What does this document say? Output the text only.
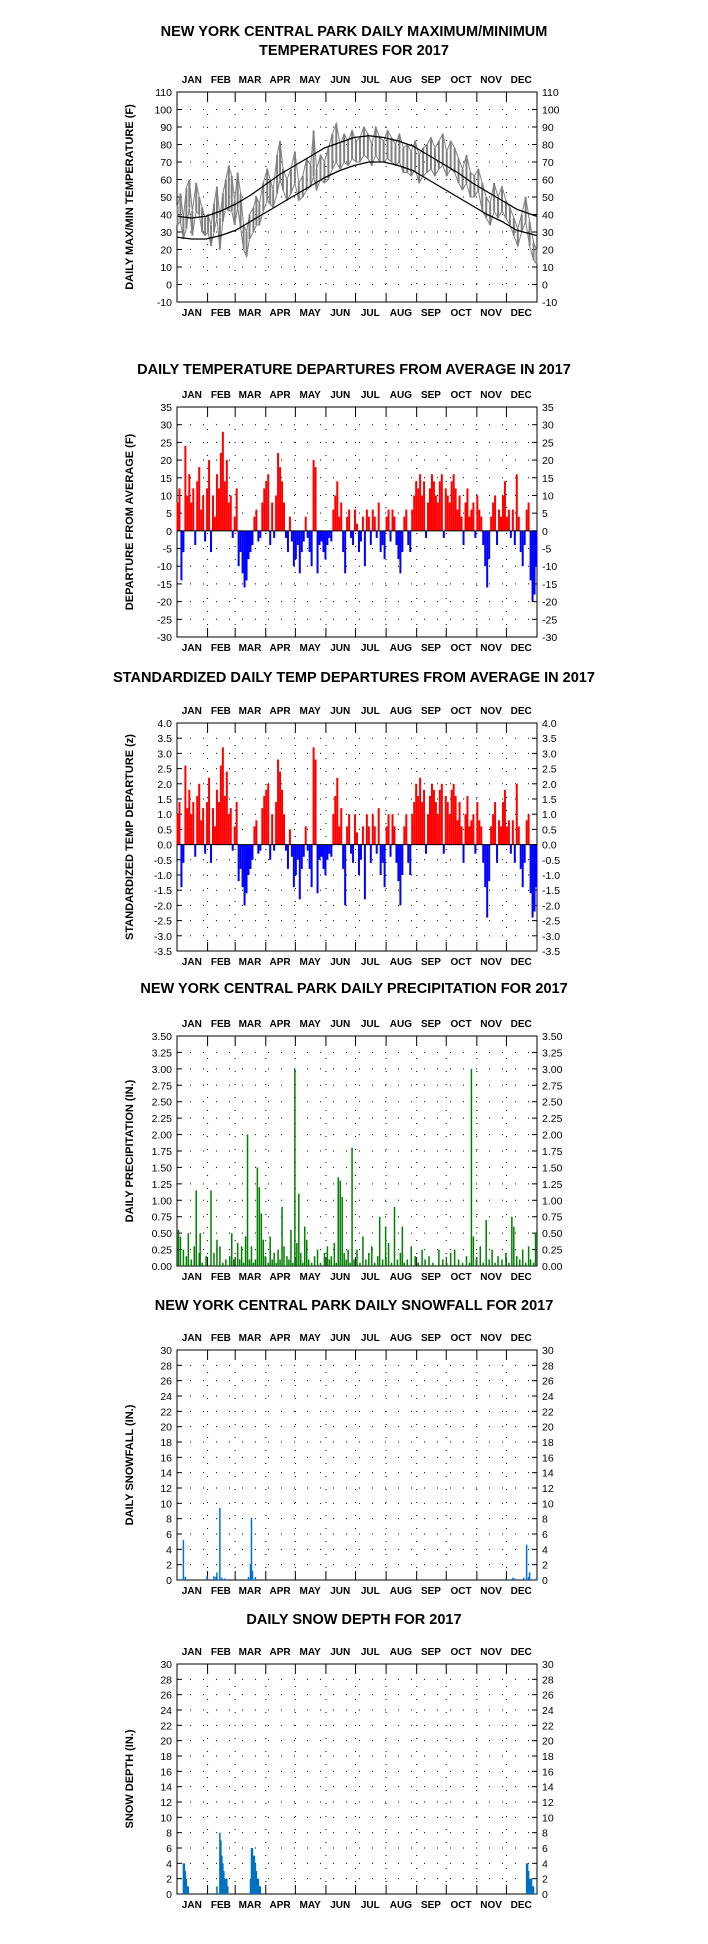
NEW YORK CENTRAL PARK DAILY MAXIMUM/MINIMUM
TEMPERATURES FOR 2017
JAN
JAN
FEB
FEB
MAR
MAR
APR
APR
MAY
MAY
JUN
JUN
JUL
JUL
AUG
AUG
SEP
SEP
OCT
OCT
NOV
NOV
DEC
DEC
-10	-10
0	0
10	10
20	20
30	30
40	40
50	50
60	60
70	70
80	80
90	90
100	100
110	110
DAILY MAX/MIN TEMPERATURE (F)
DAILY TEMPERATURE DEPARTURES FROM AVERAGE IN 2017
JAN
JAN
FEB
FEB
MAR
MAR
APR
APR
MAY
MAY
JUN
JUN
JUL
JUL
AUG
AUG
SEP
SEP
OCT
OCT
NOV
NOV
DEC
DEC
-30	-30
-25	-25
-20	-20
-15	-15
-10	-10
-5	-5
0	0
5	5
10	10
15	15
20	20
25	25
30	30
35	35
DEPARTURE FROM AVERAGE (F)
STANDARDIZED DAILY TEMP DEPARTURES FROM AVERAGE IN 2017
JAN
JAN
FEB
FEB
MAR
MAR
APR
APR
MAY
MAY
JUN
JUN
JUL
JUL
AUG
AUG
SEP
SEP
OCT
OCT
NOV
NOV
DEC
DEC
-3.5	-3.5
-3.0	-3.0
-2.5	-2.5
-2.0	-2.0
-1.5	-1.5
-1.0	-1.0
-0.5	-0.5
0.0	0.0
0.5	0.5
1.0	1.0
1.5	1.5
2.0	2.0
2.5	2.5
3.0	3.0
3.5	3.5
4.0	4.0
STANDARDIZED TEMP DEPARTURE (z)
NEW YORK CENTRAL PARK DAILY PRECIPITATION FOR 2017
JAN
JAN
FEB
FEB
MAR
MAR
APR
APR
MAY
MAY
JUN
JUN
JUL
JUL
AUG
AUG
SEP
SEP
OCT
OCT
NOV
NOV
DEC
DEC
0.00	0.00
0.25	0.25
0.50	0.50
0.75	0.75
1.00	1.00
1.25	1.25
1.50	1.50
1.75	1.75
2.00	2.00
2.25	2.25
2.50	2.50
2.75	2.75
3.00	3.00
3.25	3.25
3.50	3.50
DAILY PRECIPITATION (IN.)
NEW YORK CENTRAL PARK DAILY SNOWFALL FOR 2017
JAN
JAN
FEB
FEB
MAR
MAR
APR
APR
MAY
MAY
JUN
JUN
JUL
JUL
AUG
AUG
SEP
SEP
OCT
OCT
NOV
NOV
DEC
DEC
0	0
2	2
4	4
6	6
8	8
10	10
12	12
14	14
16	16
18	18
20	20
22	22
24	24
26	26
28	28
30	30
DAILY SNOWFALL (IN.)
DAILY SNOW DEPTH FOR 2017
JAN
JAN
FEB
FEB
MAR
MAR
APR
APR
MAY
MAY
JUN
JUN
JUL
JUL
AUG
AUG
SEP
SEP
OCT
OCT
NOV
NOV
DEC
DEC
0	0
2	2
4	4
6	6
8	8
10	10
12	12
14	14
16	16
18	18
20	20
22	22
24	24
26	26
28	28
30	30
SNOW DEPTH (IN.)
